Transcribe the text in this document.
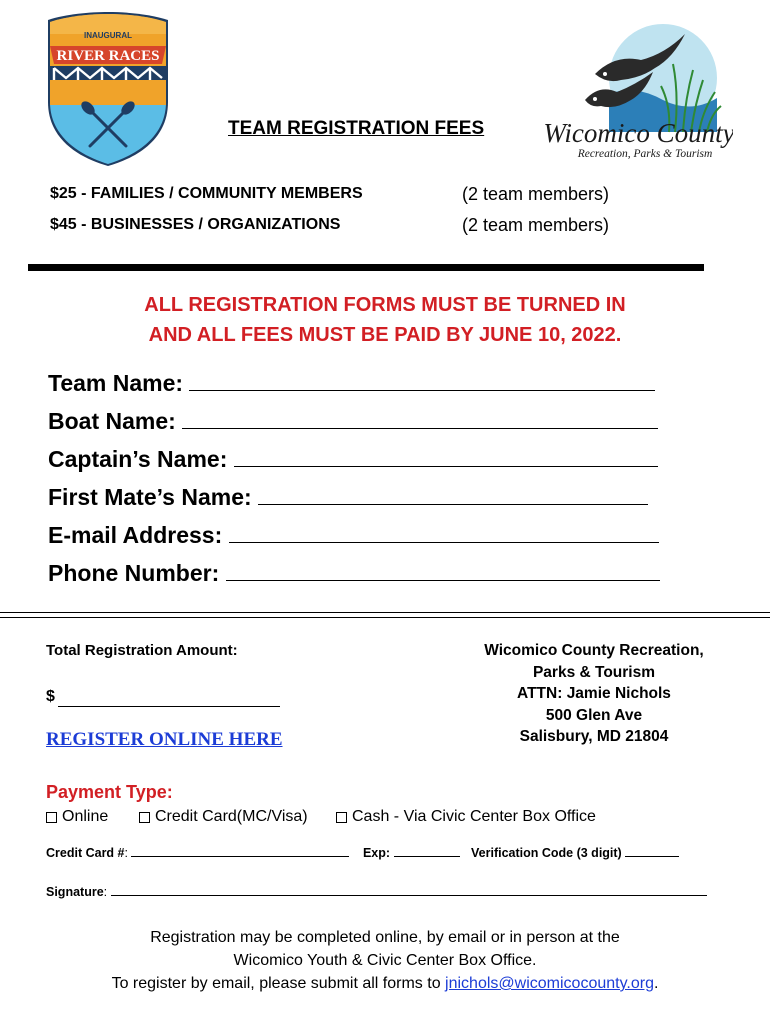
INAUGURAL
RIVER RACES
Wicomico County
Recreation, Parks & Tourism
TEAM REGISTRATION FEES
$25 - FAMILIES / COMMUNITY MEMBERS	(2 team members)
$45 - BUSINESSES / ORGANIZATIONS	(2 team members)
ALL REGISTRATION FORMS MUST BE TURNED IN
AND ALL FEES MUST BE PAID BY JUNE 10, 2022.
Team Name:
Boat Name:
Captain’s Name:
First Mate’s Name:
E-mail Address:
Phone Number:
Total Registration Amount:
$
REGISTER ONLINE HERE
Wicomico County Recreation,
Parks & Tourism
ATTN: Jamie Nichols
500 Glen Ave
Salisbury, MD 21804
Payment Type:
Online	Credit Card(MC/Visa)	Cash - Via Civic Center Box Office
Credit Card #:	Exp:	Verification Code (3 digit)
Signature:
Registration may be completed online, by email or in person at the
Wicomico Youth & Civic Center Box Office.
To register by email, please submit all forms to jnichols@wicomicocounty.org.
